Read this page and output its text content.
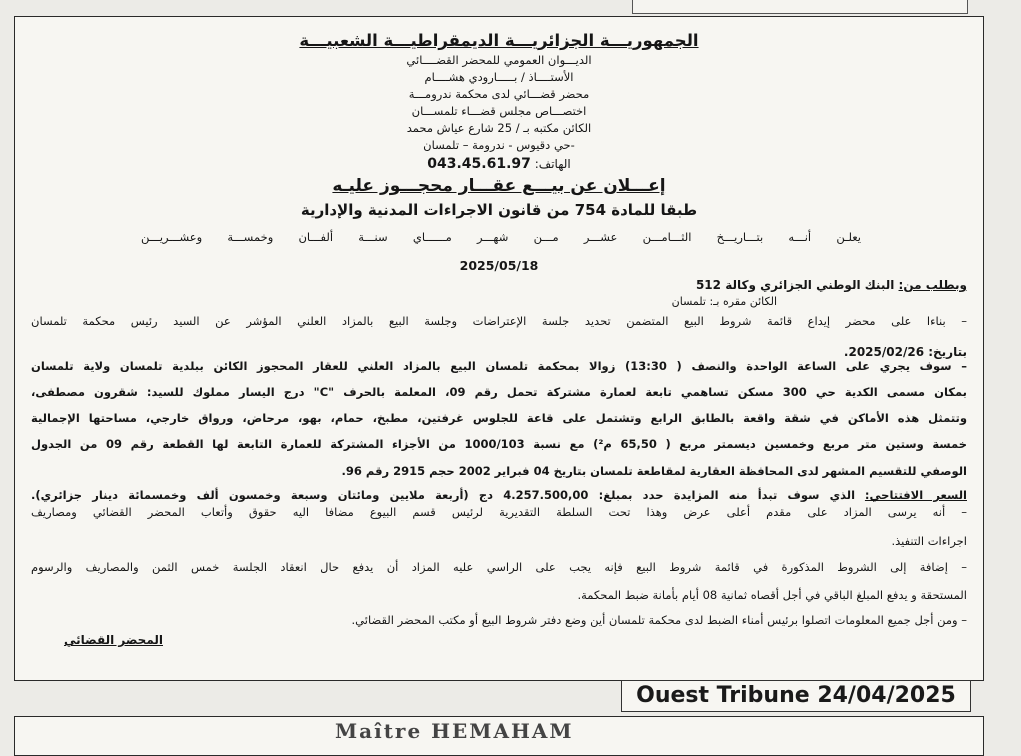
الجمهوريـــة الجزائريـــة الديمقراطيـــة الشعبيـــة
الديـــوان العمومي للمحضر القضــــائي
الأستــــاذ / بـــــارودي هشــــام
محضر قضـــائي لدى محكمة ندرومـــة
اختصـــاص مجلس قضـــاء تلمســـان
الكائن مكتبه بـ / 25 شارع عياش محمد
حي دقيوس - ندرومة – تلمسان-
الهاتف: 043.45.61.97
إعـــلان عن بيـــع عقـــار محجـــوز عليـه
طبقا للمادة 754 من قانون الاجراءات المدنية والإدارية
يعلـن أنـــه بتـــاريـــخ الثـــامـــن عشـــر مـــن شهـــر مــــــاي سنـــة ألفـــان وخمســـة وعشـــريـــن
2025/05/18
وبطلب من: البنك الوطني الجزائري وكالة 512
الكائن مقره بـ: تلمسان
– بناءا على محضر إيداع قائمة شروط البيع المتضمن تحديد جلسة الإعتراضات وجلسة البيع بالمزاد العلني المؤشر عن السيد رئيس محكمة تلمسان
بتاريخ: 2025/02/26.
– سوف يجري على الساعة الواحدة والنصف ( 13:30) زوالا بمحكمة تلمسان البيع بالمزاد العلني للعقار المحجوز الكائن ببلدية تلمسان ولاية تلمسان
بمكان مسمى الكدية حي 300 مسكن تساهمي تابعة لعمارة مشتركة تحمل رقم 09، المعلمة بالحرف "C" درج اليسار مملوك للسيد: شقرون مصطفى،
وتتمثل هذه الأماكن في شقة واقعة بالطابق الرابع وتشتمل على قاعة للجلوس غرفتين، مطبخ، حمام، بهو، مرحاض، ورواق خارجي، مساحتها الإجمالية
خمسة وستين متر مربع وخمسين ديسمتر مربع ( 65,50 م²) مع نسبة 1000/103 من الأجزاء المشتركة للعمارة التابعة لها القطعة رقم 09 من الجدول
الوصفي للتقسيم المشهر لدى المحافظة العقارية لمقاطعة تلمسان بتاريخ 04 فبراير 2002 حجم 2915 رقم 96.
السعر الافتتاحي: الذي سوف تبدأ منه المزايدة حدد بمبلغ: 4.257.500,00 دج (أربعة ملايين ومائتان وسبعة وخمسون ألف وخمسمائة دينار جزائري).
– أنه يرسى المزاد على مقدم أعلى عرض وهذا تحت السلطة التقديرية لرئيس قسم البيوع مضافا اليه حقوق وأتعاب المحضر القضائي ومصاريف
اجراءات التنفيذ.
– إضافة إلى الشروط المذكورة في قائمة شروط البيع فإنه يجب على الراسي عليه المزاد أن يدفع حال انعقاد الجلسة خمس الثمن والمصاريف والرسوم
المستحقة و يدفع المبلغ الباقي في أجل أقصاه ثمانية 08 أيام بأمانة ضبط المحكمة.
– ومن أجل جميع المعلومات اتصلوا برئيس أمناء الضبط لدى محكمة تلمسان أين وضع دفتر شروط البيع أو مكتب المحضر القضائي.
المحضر القضائي
Ouest Tribune 24/04/2025
Maître HEMAHAM
